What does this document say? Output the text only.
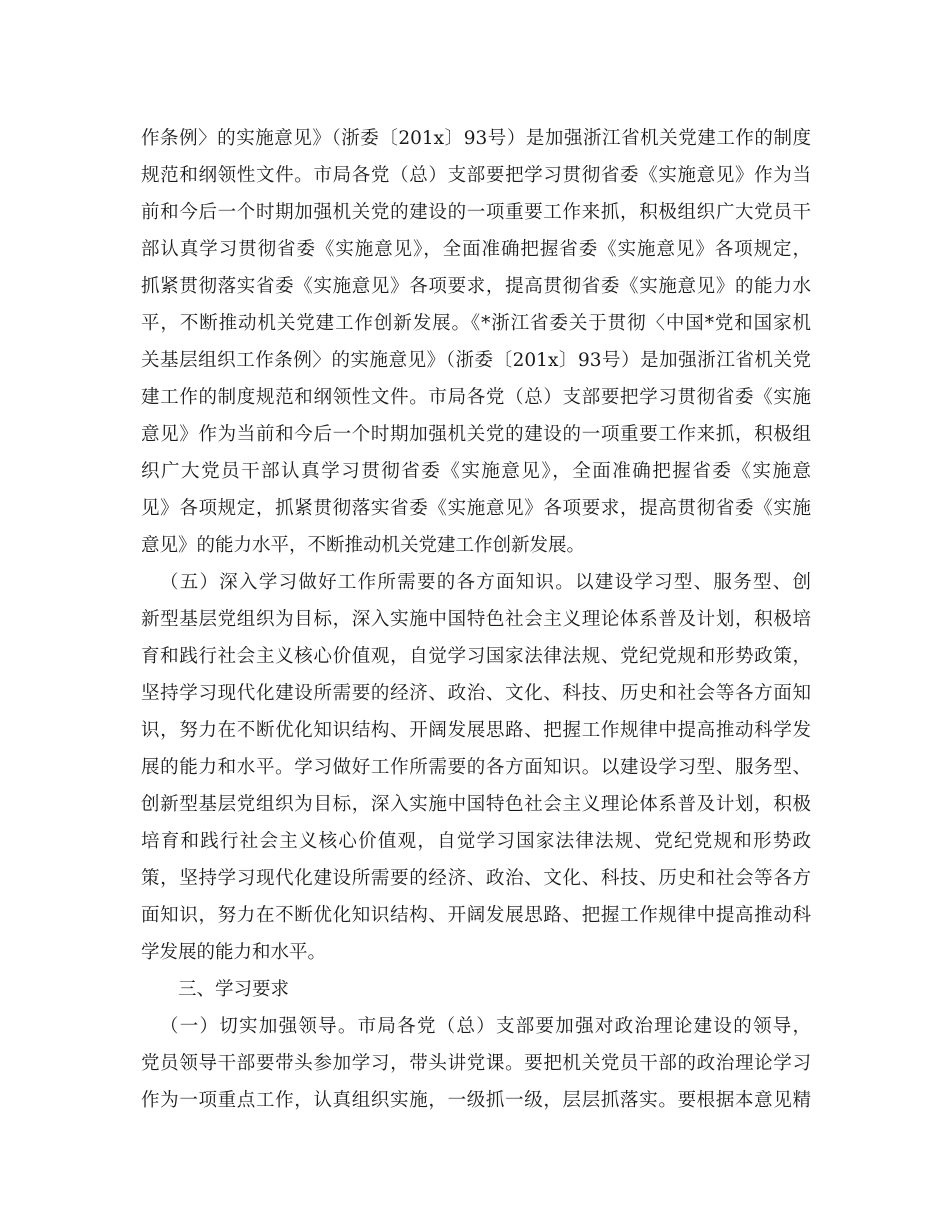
作条例〉的实施意见》（浙委〔201x〕93号）是加强浙江省机关党建工作的制度
规范和纲领性文件。市局各党（总）支部要把学习贯彻省委《实施意见》作为当
前和今后一个时期加强机关党的建设的一项重要工作来抓，积极组织广大党员干
部认真学习贯彻省委《实施意见》，全面准确把握省委《实施意见》各项规定，
抓紧贯彻落实省委《实施意见》各项要求，提高贯彻省委《实施意见》的能力水
平，不断推动机关党建工作创新发展。《*浙江省委关于贯彻〈中国*党和国家机
关基层组织工作条例〉的实施意见》（浙委〔201x〕93号）是加强浙江省机关党
建工作的制度规范和纲领性文件。市局各党（总）支部要把学习贯彻省委《实施
意见》作为当前和今后一个时期加强机关党的建设的一项重要工作来抓，积极组
织广大党员干部认真学习贯彻省委《实施意见》，全面准确把握省委《实施意
见》各项规定，抓紧贯彻落实省委《实施意见》各项要求，提高贯彻省委《实施
意见》的能力水平，不断推动机关党建工作创新发展。
（五）深入学习做好工作所需要的各方面知识。以建设学习型、服务型、创
新型基层党组织为目标，深入实施中国特色社会主义理论体系普及计划，积极培
育和践行社会主义核心价值观，自觉学习国家法律法规、党纪党规和形势政策，
坚持学习现代化建设所需要的经济、政治、文化、科技、历史和社会等各方面知
识，努力在不断优化知识结构、开阔发展思路、把握工作规律中提高推动科学发
展的能力和水平。学习做好工作所需要的各方面知识。以建设学习型、服务型、
创新型基层党组织为目标，深入实施中国特色社会主义理论体系普及计划，积极
培育和践行社会主义核心价值观，自觉学习国家法律法规、党纪党规和形势政
策，坚持学习现代化建设所需要的经济、政治、文化、科技、历史和社会等各方
面知识，努力在不断优化知识结构、开阔发展思路、把握工作规律中提高推动科
学发展的能力和水平。
三、学习要求
（一）切实加强领导。市局各党（总）支部要加强对政治理论建设的领导，
党员领导干部要带头参加学习，带头讲党课。要把机关党员干部的政治理论学习
作为一项重点工作，认真组织实施，一级抓一级，层层抓落实。要根据本意见精
